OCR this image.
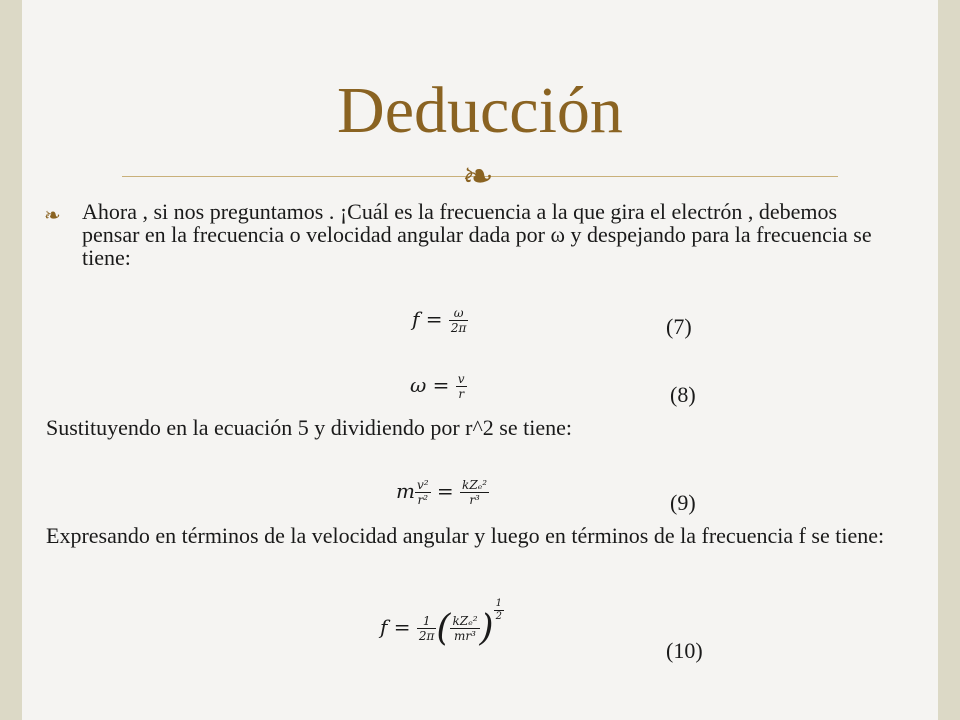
Deducción
❧
❧ Ahora , si nos preguntamos . ¡Cuál es la frecuencia a la que gira el electrón , debemos pensar en la frecuencia o velocidad angular dada por ω y despejando para la frecuencia se tiene:
$f = \frac{\omega}{2\pi}$	(7)
$\omega = \frac{v}{r}$	(8)
Sustituyendo en la ecuación 5 y dividiendo por r^2 se tiene:
m $\frac{\text{v²}}{\text{r²}} = \frac{\text{kZₑ²}}{\text{r³}}$	(9)
Expresando en términos de la velocidad angular y luego en términos de la frecuencia f se tiene:
$f = \frac{1}{2\pi}$ ( $\frac{\text{kZₑ²}}{\text{mr³}}$ ) $\frac{1}{2}$
(10)
